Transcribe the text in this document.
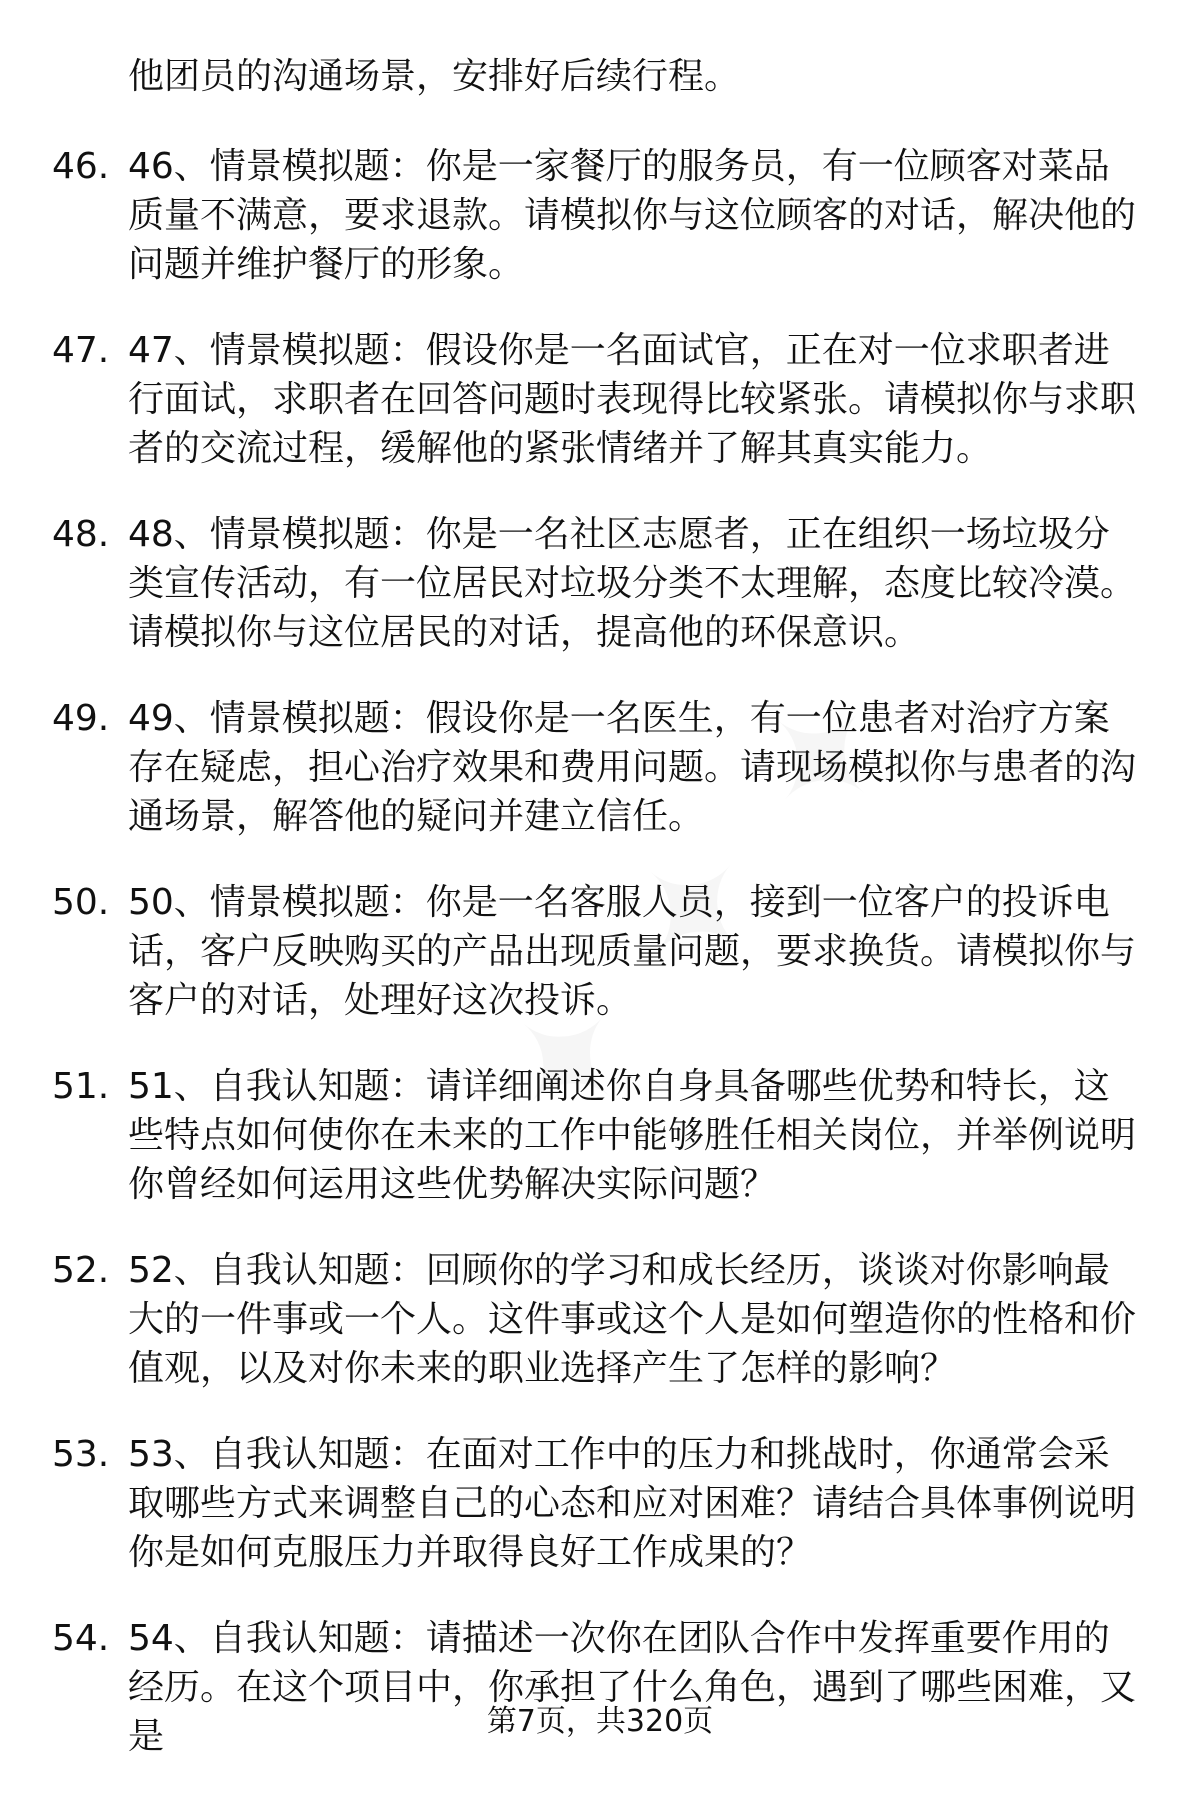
他团员的沟通场景，安排好后续行程。

46. 46、情景模拟题：你是一家餐厅的服务员，有一位顾客对菜品质量不满意，要求退款。请模拟你与这位顾客的对话，解决他的问题并维护餐厅的形象。
47. 47、情景模拟题：假设你是一名面试官，正在对一位求职者进行面试，求职者在回答问题时表现得比较紧张。请模拟你与求职者的交流过程，缓解他的紧张情绪并了解其真实能力。
48. 48、情景模拟题：你是一名社区志愿者，正在组织一场垃圾分类宣传活动，有一位居民对垃圾分类不太理解，态度比较冷漠。请模拟你与这位居民的对话，提高他的环保意识。
49. 49、情景模拟题：假设你是一名医生，有一位患者对治疗方案存在疑虑，担心治疗效果和费用问题。请现场模拟你与患者的沟通场景，解答他的疑问并建立信任。
50. 50、情景模拟题：你是一名客服人员，接到一位客户的投诉电话，客户反映购买的产品出现质量问题，要求换货。请模拟你与客户的对话，处理好这次投诉。
51. 51、自我认知题：请详细阐述你自身具备哪些优势和特长，这些特点如何使你在未来的工作中能够胜任相关岗位，并举例说明你曾经如何运用这些优势解决实际问题？
52. 52、自我认知题：回顾你的学习和成长经历，谈谈对你影响最大的一件事或一个人。这件事或这个人是如何塑造你的性格和价值观，以及对你未来的职业选择产生了怎样的影响？
53. 53、自我认知题：在面对工作中的压力和挑战时，你通常会采取哪些方式来调整自己的心态和应对困难？请结合具体事例说明你是如何克服压力并取得良好工作成果的？
54. 54、自我认知题：请描述一次你在团队合作中发挥重要作用的经历。在这个项目中，你承担了什么角色，遇到了哪些困难，又是	第7页，共320页
